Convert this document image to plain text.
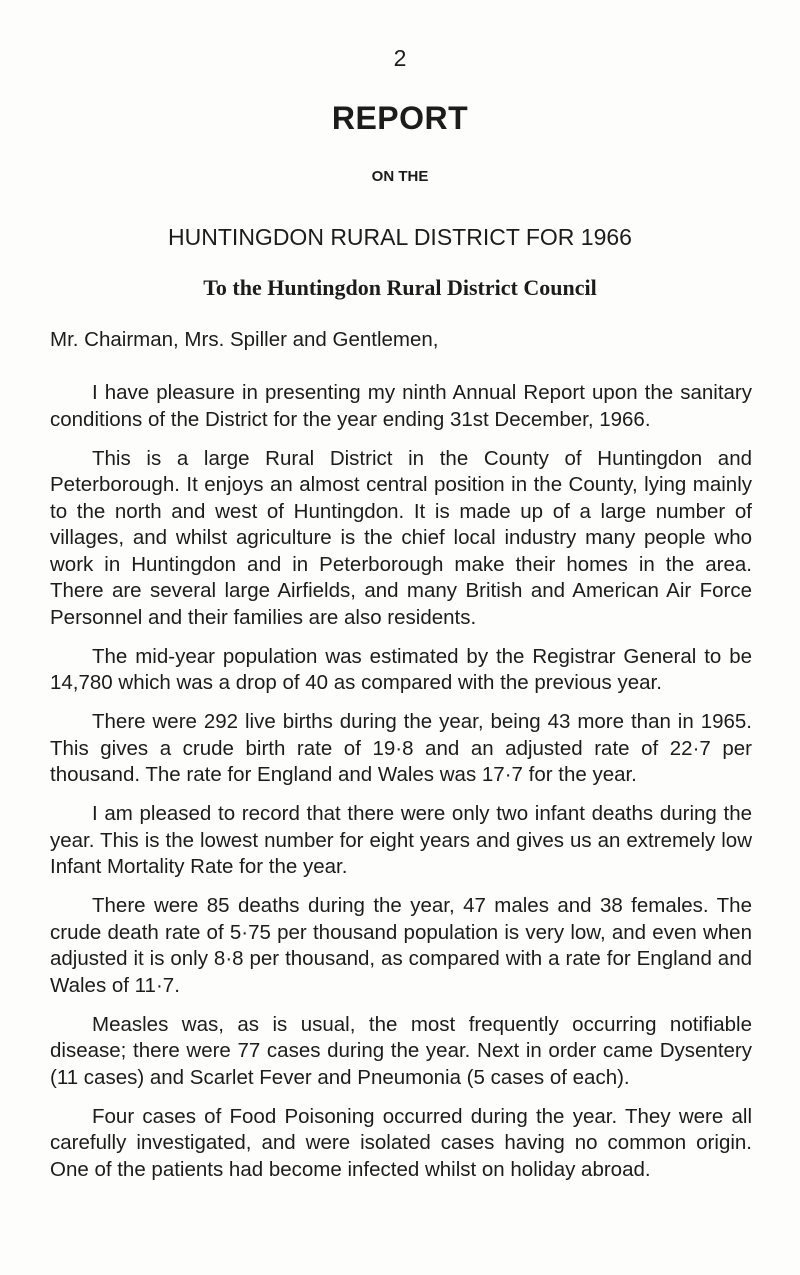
2
REPORT
ON THE
HUNTINGDON RURAL DISTRICT FOR 1966
To the Huntingdon Rural District Council
Mr. Chairman, Mrs. Spiller and Gentlemen,

I have pleasure in presenting my ninth Annual Report upon the sanitary conditions of the District for the year ending 31st December, 1966.

This is a large Rural District in the County of Huntingdon and Peterborough. It enjoys an almost central position in the County, lying mainly to the north and west of Huntingdon. It is made up of a large number of villages, and whilst agriculture is the chief local industry many people who work in Huntingdon and in Peterborough make their homes in the area. There are several large Airfields, and many British and American Air Force Personnel and their families are also residents.

The mid-year population was estimated by the Registrar General to be 14,780 which was a drop of 40 as compared with the previous year.

There were 292 live births during the year, being 43 more than in 1965. This gives a crude birth rate of 19·8 and an adjusted rate of 22·7 per thousand. The rate for England and Wales was 17·7 for the year.

I am pleased to record that there were only two infant deaths during the year. This is the lowest number for eight years and gives us an extremely low Infant Mortality Rate for the year.

There were 85 deaths during the year, 47 males and 38 females. The crude death rate of 5·75 per thousand population is very low, and even when adjusted it is only 8·8 per thousand, as compared with a rate for England and Wales of 11·7.

Measles was, as is usual, the most frequently occurring notifiable disease; there were 77 cases during the year. Next in order came Dysentery (11 cases) and Scarlet Fever and Pneumonia (5 cases of each).

Four cases of Food Poisoning occurred during the year. They were all carefully investigated, and were isolated cases having no common origin. One of the patients had become infected whilst on holiday abroad.
